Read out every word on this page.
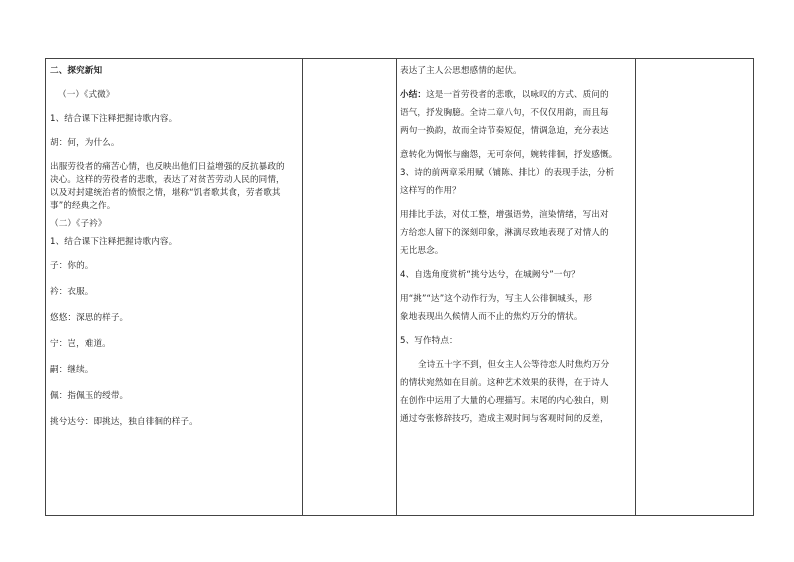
二、探究新知
（一）《式微》
1、结合课下注释把握诗歌内容。
胡：何，为什么。
出服劳役者的痛苦心情，也反映出他们日益增强的反抗暴政的
决心。这样的劳役者的悲歌，表达了对贫苦劳动人民的同情，
以及对封建统治者的愤恨之情，堪称“饥者歌其食，劳者歌其
事”的经典之作。
（二）《子衿》
1、结合课下注释把握诗歌内容。
子：你的。
衿：衣服。
悠悠：深思的样子。
宁：岂，难道。
嗣：继续。
佩：指佩玉的绶带。
挑兮达兮：即挑达，独自徘徊的样子。
表达了主人公思想感情的起伏。
小结：这是一首劳役者的悲歌，以咏叹的方式、质问的
语气，抒发胸臆。全诗二章八句，不仅仅用韵，而且每
两句一换韵，故而全诗节奏短促，情调急迫，充分表达
意转化为惆怅与幽怨，无可奈何，婉转徘徊，抒发感慨。
3、诗的前两章采用赋（铺陈、排比）的表现手法，分析
这样写的作用？
用排比手法，对仗工整，增强语势，渲染情绪，写出对
方给恋人留下的深刻印象，淋漓尽致地表现了对情人的
无比思念。
4、自选角度赏析“挑兮达兮，在城阙兮”一句？
用“挑”“达”这个动作行为，写主人公徘徊城头，形
象地表现出久候情人而不止的焦灼万分的情状。
5、写作特点：
全诗五十字不到，但女主人公等待恋人时焦灼万分
的情状宛然如在目前。这种艺术效果的获得，在于诗人
在创作中运用了大量的心理描写。末尾的内心独白，则
通过夸张修辞技巧，造成主观时间与客观时间的反差，
